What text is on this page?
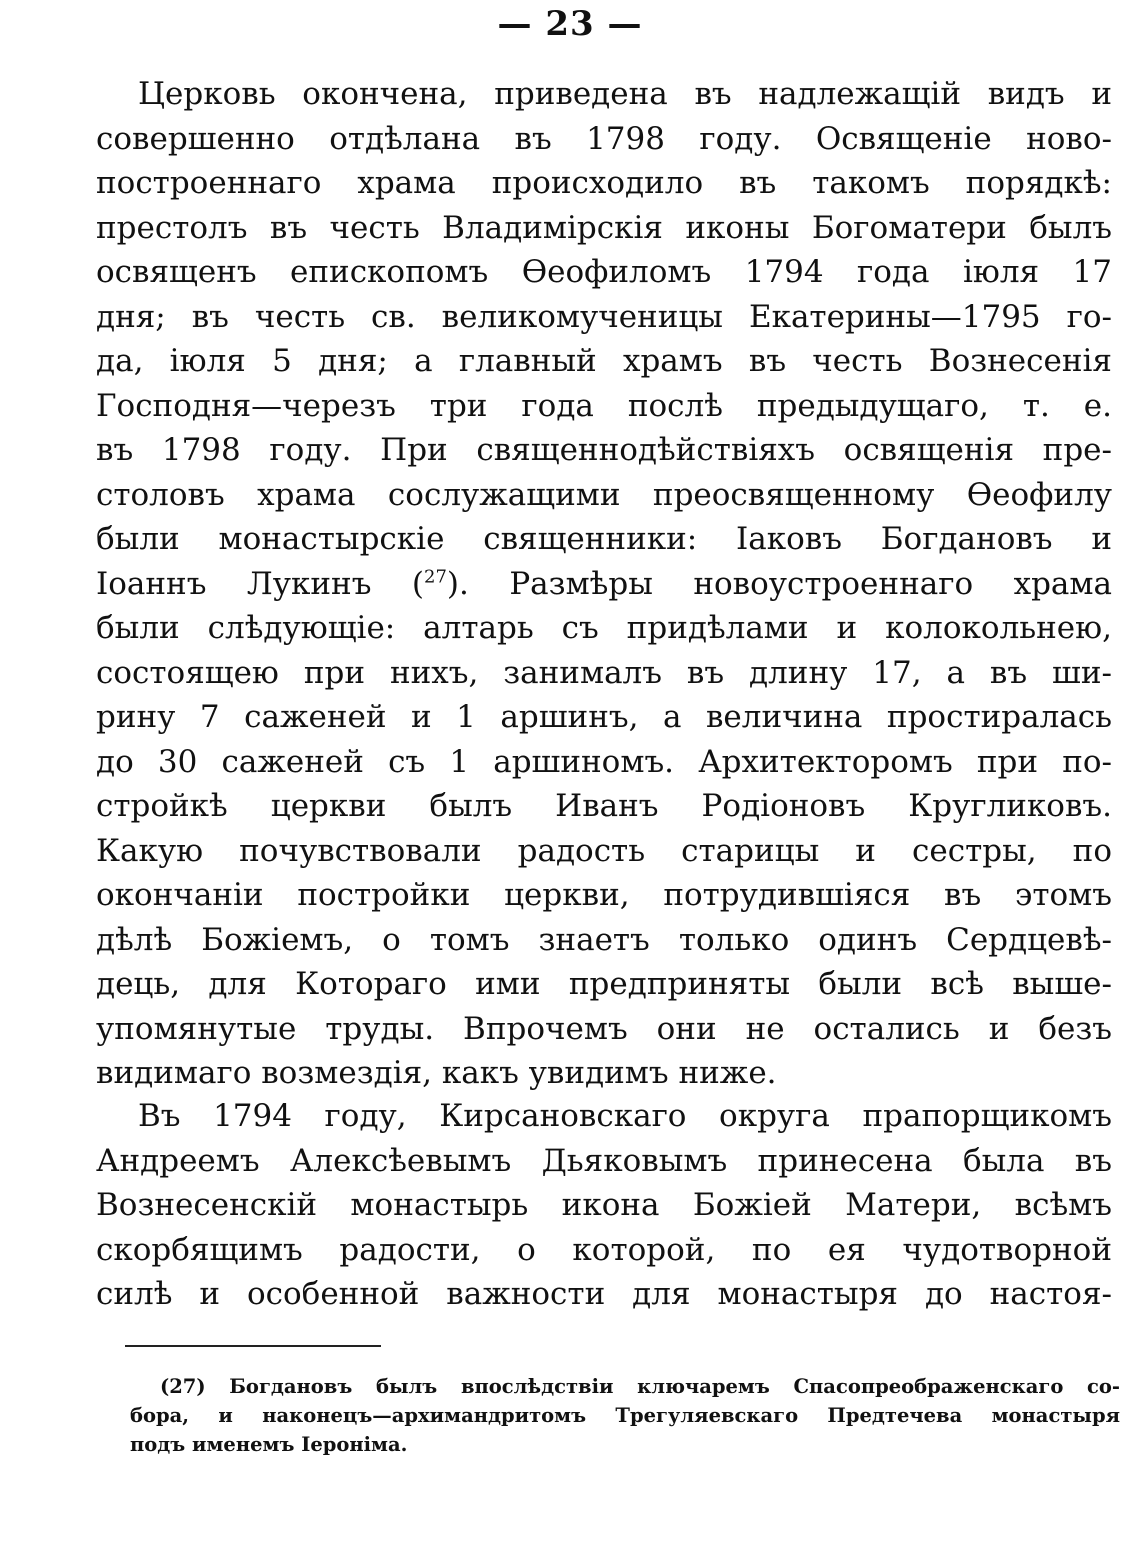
— 23 —
Церковь окончена, приведена въ надлежащій видъ и
совершенно отдѣлана въ 1798 году. Освященіе ново-
построеннаго храма происходило въ такомъ порядкѣ:
престолъ въ честь Владимірскія иконы Богоматери былъ
освященъ епископомъ Ѳеофиломъ 1794 года іюля 17
дня; въ честь св. великомученицы Екатерины—1795 го-
да, іюля 5 дня; а главный храмъ въ честь Вознесенія
Господня—черезъ три года послѣ предыдущаго, т. е.
въ 1798 году. При священнодѣйствіяхъ освященія пре-
столовъ храма сослужащими преосвященному Ѳеофилу
были монастырскіе священники: Іаковъ Богдановъ и
Іоаннъ Лукинъ ($^{27}$). Размѣры новоустроеннаго храма
были слѣдующіе: алтарь съ придѣлами и колокольнею,
состоящею при нихъ, занималъ въ длину 17, а въ ши-
рину 7 саженей и 1 аршинъ, а величина простиралась
до 30 саженей съ 1 аршиномъ. Архитекторомъ при по-
стройкѣ церкви былъ Иванъ Родіоновъ Кругликовъ.
Какую почувствовали радость старицы и сестры, по
окончаніи постройки церкви, потрудившіяся въ этомъ
дѣлѣ Божіемъ, о томъ знаетъ только одинъ Сердцевѣ-
дець, для Котораго ими предприняты были всѣ выше-
упомянутые труды. Впрочемъ они не остались и безъ
видимаго возмездія, какъ увидимъ ниже.
Въ 1794 году, Кирсановскаго округа прапорщикомъ
Андреемъ Алексѣевымъ Дьяковымъ принесена была въ
Вознесенскій монастырь икона Божіей Матери, всѣмъ
скорбящимъ радости, о которой, по ея чудотворной
силѣ и особенной важности для монастыря до настоя-
(27) Богдановъ былъ впослѣдствіи ключаремъ Спасопреображенскаго со-
бора, и наконецъ—архимандритомъ Трегуляевскаго Предтечева монастыря
подъ именемъ Іероніма.
